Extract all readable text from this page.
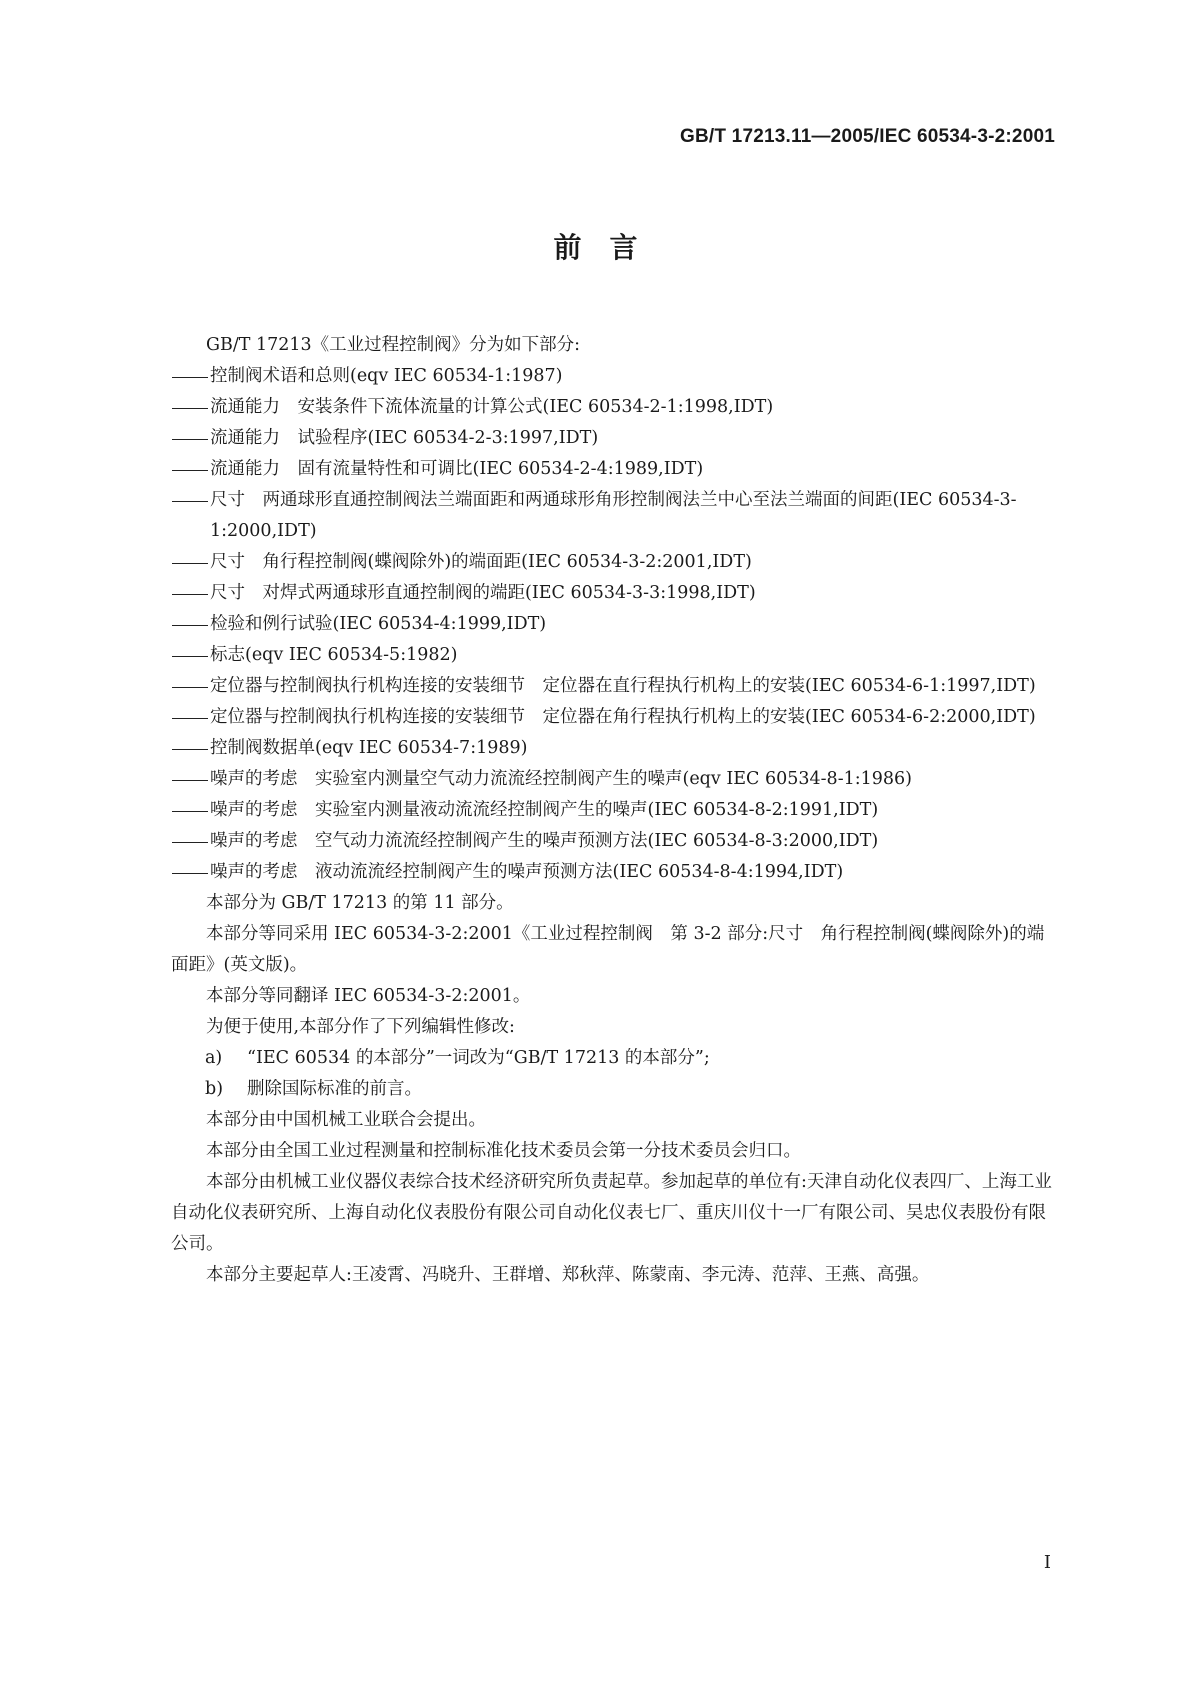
GB/T 17213.11—2005/IEC 60534-3-2:2001
前　言

GB/T 17213《工业过程控制阀》分为如下部分:

控制阀术语和总则(eqv IEC 60534-1:1987)
流通能力　安装条件下流体流量的计算公式(IEC 60534-2-1:1998,IDT)
流通能力　试验程序(IEC 60534-2-3:1997,IDT)
流通能力　固有流量特性和可调比(IEC 60534-2-4:1989,IDT)
尺寸　两通球形直通控制阀法兰端面距和两通球形角形控制阀法兰中心至法兰端面的间距(IEC 60534-3-1:2000,IDT)
尺寸　角行程控制阀(蝶阀除外)的端面距(IEC 60534-3-2:2001,IDT)
尺寸　对焊式两通球形直通控制阀的端距(IEC 60534-3-3:1998,IDT)
检验和例行试验(IEC 60534-4:1999,IDT)
标志(eqv IEC 60534-5:1982)
定位器与控制阀执行机构连接的安装细节　定位器在直行程执行机构上的安装(IEC 60534-6-1:1997,IDT)
定位器与控制阀执行机构连接的安装细节　定位器在角行程执行机构上的安装(IEC 60534-6-2:2000,IDT)
控制阀数据单(eqv IEC 60534-7:1989)
噪声的考虑　实验室内测量空气动力流流经控制阀产生的噪声(eqv IEC 60534-8-1:1986)
噪声的考虑　实验室内测量液动流流经控制阀产生的噪声(IEC 60534-8-2:1991,IDT)
噪声的考虑　空气动力流流经控制阀产生的噪声预测方法(IEC 60534-8-3:2000,IDT)
噪声的考虑　液动流流经控制阀产生的噪声预测方法(IEC 60534-8-4:1994,IDT)

本部分为 GB/T 17213 的第 11 部分。

本部分等同采用 IEC 60534-3-2:2001《工业过程控制阀　第 3-2 部分:尺寸　角行程控制阀(蝶阀除外)的端面距》(英文版)。

本部分等同翻译 IEC 60534-3-2:2001。

为便于使用,本部分作了下列编辑性修改:

a) “IEC 60534 的本部分”一词改为“GB/T 17213 的本部分”;
b) 删除国际标准的前言。

本部分由中国机械工业联合会提出。

本部分由全国工业过程测量和控制标准化技术委员会第一分技术委员会归口。

本部分由机械工业仪器仪表综合技术经济研究所负责起草。参加起草的单位有:天津自动化仪表四厂、上海工业自动化仪表研究所、上海自动化仪表股份有限公司自动化仪表七厂、重庆川仪十一厂有限公司、吴忠仪表股份有限公司。

本部分主要起草人:王凌霄、冯晓升、王群增、郑秋萍、陈蒙南、李元涛、范萍、王燕、高强。

I
